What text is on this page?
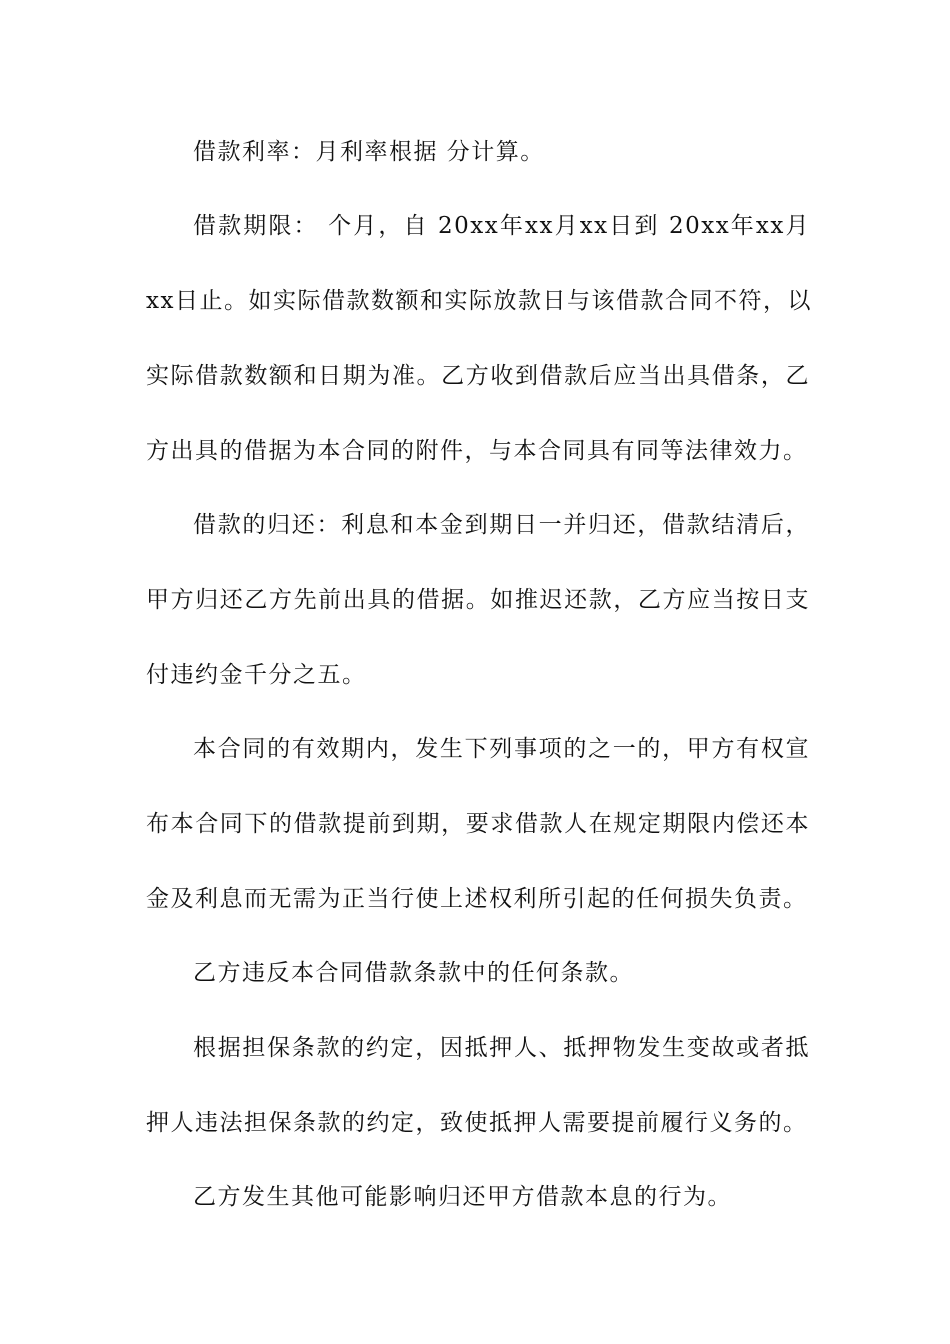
借款利率：月利率根据 分计算。
借款期限： 个月，自 20xx年xx月xx日到 20xx年xx月
xx日止。如实际借款数额和实际放款日与该借款合同不符，以
实际借款数额和日期为准。乙方收到借款后应当出具借条，乙
方出具的借据为本合同的附件，与本合同具有同等法律效力。
借款的归还：利息和本金到期日一并归还，借款结清后，
甲方归还乙方先前出具的借据。如推迟还款，乙方应当按日支
付违约金千分之五。
本合同的有效期内，发生下列事项的之一的，甲方有权宣
布本合同下的借款提前到期，要求借款人在规定期限内偿还本
金及利息而无需为正当行使上述权利所引起的任何损失负责。
乙方违反本合同借款条款中的任何条款。
根据担保条款的约定，因抵押人、抵押物发生变故或者抵
押人违法担保条款的约定，致使抵押人需要提前履行义务的。
乙方发生其他可能影响归还甲方借款本息的行为。
